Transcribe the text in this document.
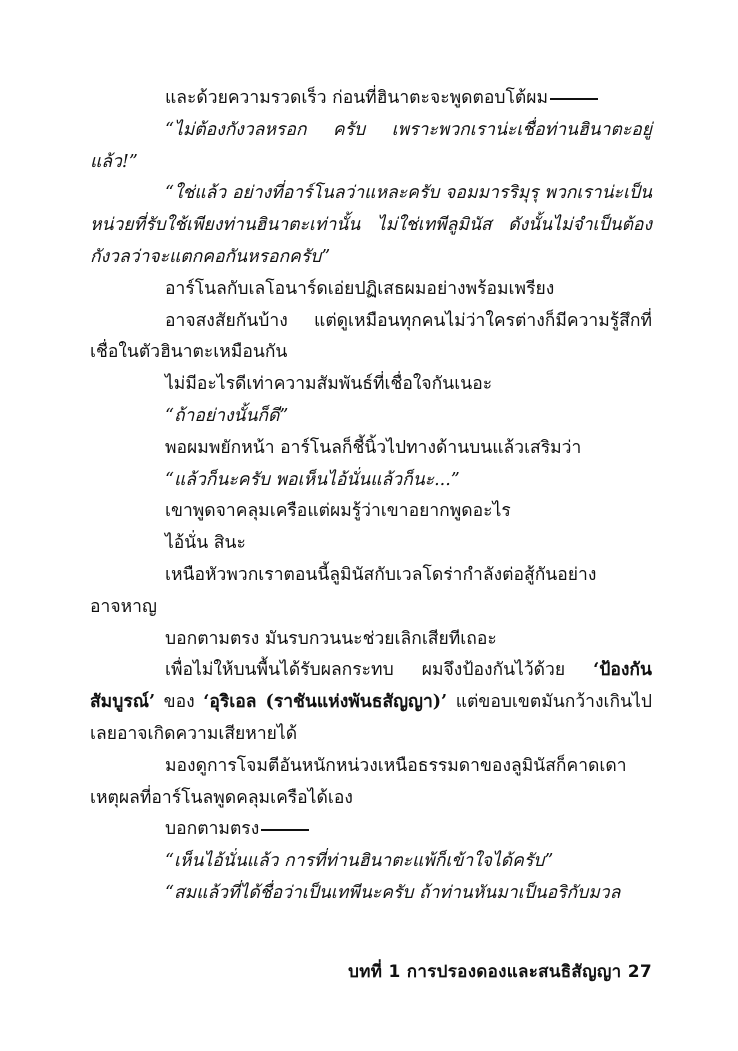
และด้วยความรวดเร็ว ก่อนที่ฮินาตะจะพูดตอบโต้ผม

“ไม่ต้องกังวลหรอก ครับ เพราะพวกเราน่ะเชื่อท่านฮินาตะอยู่แล้ว!”

“ใช่แล้ว อย่างที่อาร์โนลว่าแหละครับ จอมมารริมุรุ พวกเราน่ะเป็นหน่วยที่รับใช้เพียงท่านฮินาตะเท่านั้น ไม่ใช่เทพีลูมินัส ดังนั้นไม่จำเป็นต้องกังวลว่าจะแตกคอกันหรอกครับ”

อาร์โนลกับเลโอนาร์ดเอ่ยปฏิเสธผมอย่างพร้อมเพรียง

อาจสงสัยกันบ้าง แต่ดูเหมือนทุกคนไม่ว่าใครต่างก็มีความรู้สึกที่เชื่อในตัวฮินาตะเหมือนกัน

ไม่มีอะไรดีเท่าความสัมพันธ์ที่เชื่อใจกันเนอะ

“ถ้าอย่างนั้นก็ดี”

พอผมพยักหน้า อาร์โนลก็ชี้นิ้วไปทางด้านบนแล้วเสริมว่า

“แล้วก็นะครับ พอเห็นไอ้นั่นแล้วก็นะ...”

เขาพูดจาคลุมเครือแต่ผมรู้ว่าเขาอยากพูดอะไร

ไอ้นั่น สินะ

เหนือหัวพวกเราตอนนี้ลูมินัสกับเวลโดร่ากำลังต่อสู้กันอย่างอาจหาญ

บอกตามตรง มันรบกวนนะช่วยเลิกเสียทีเถอะ

เพื่อไม่ให้บนพื้นได้รับผลกระทบ ผมจึงป้องกันไว้ด้วย ‘ป้องกันสัมบูรณ์’ ของ ‘อุริเอล (ราชันแห่งพันธสัญญา)’ แต่ขอบเขตมันกว้างเกินไปเลยอาจเกิดความเสียหายได้

มองดูการโจมตีอันหนักหน่วงเหนือธรรมดาของลูมินัสก็คาดเดาเหตุผลที่อาร์โนลพูดคลุมเครือได้เอง

บอกตามตรง

“เห็นไอ้นั่นแล้ว การที่ท่านฮินาตะแพ้ก็เข้าใจได้ครับ”

“สมแล้วที่ได้ชื่อว่าเป็นเทพีนะครับ ถ้าท่านหันมาเป็นอริกับมวล

บทที่ 1 การปรองดองและสนธิสัญญา 27
